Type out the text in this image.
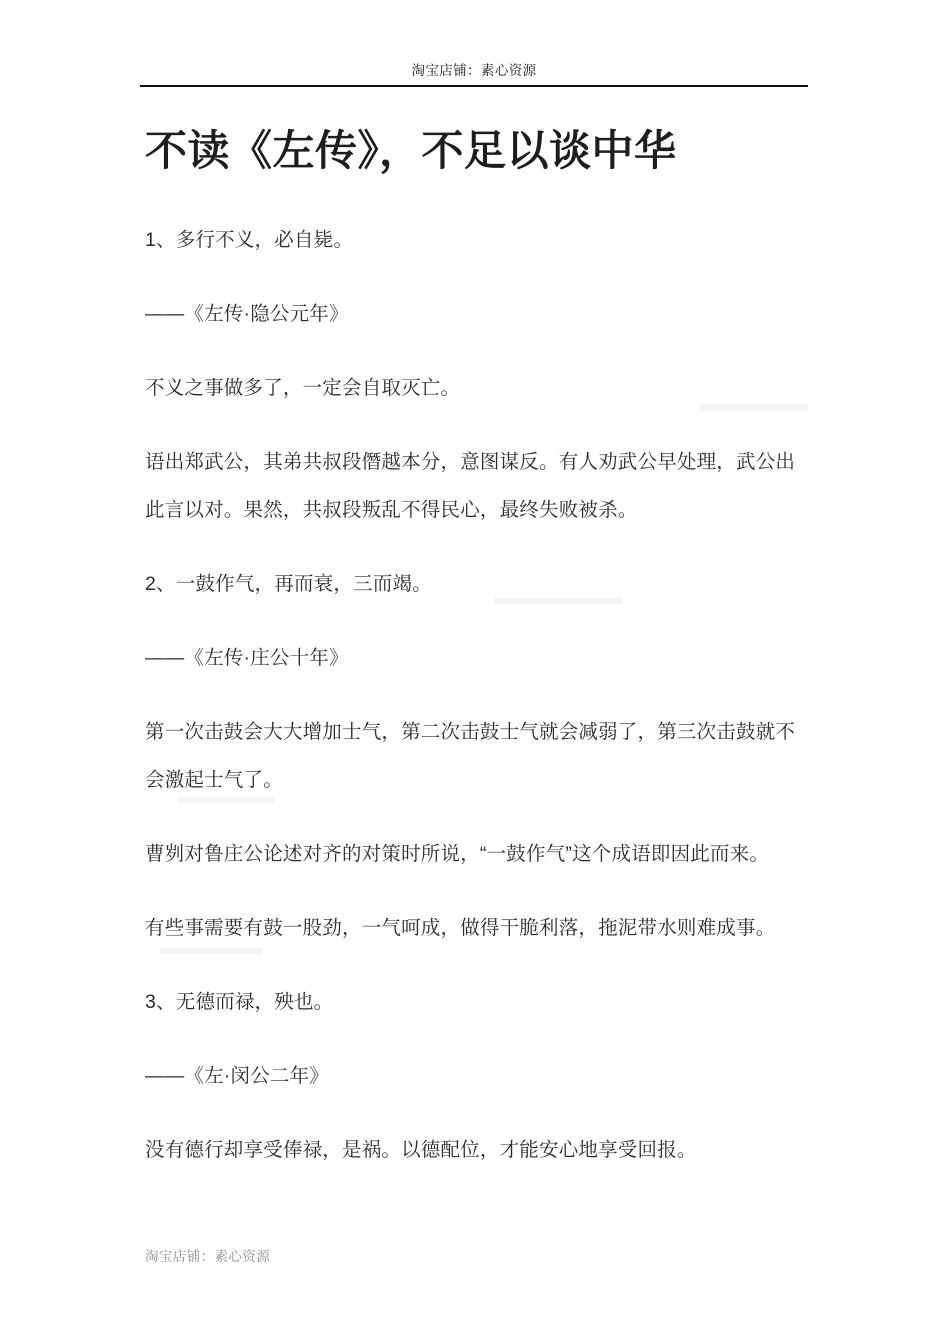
淘宝店铺：素心资源
不读《左传》，不足以谈中华

1、多行不义，必自毙。

——《左传·隐公元年》

不义之事做多了，一定会自取灭亡。

语出郑武公，其弟共叔段僭越本分，意图谋反。有人劝武公早处理，武公出此言以对。果然，共叔段叛乱不得民心，最终失败被杀。

2、一鼓作气，再而衰，三而竭。

——《左传·庄公十年》

第一次击鼓会大大增加士气，第二次击鼓士气就会减弱了，第三次击鼓就不会激起士气了。

曹刿对鲁庄公论述对齐的对策时所说，“一鼓作气”这个成语即因此而来。

有些事需要有鼓一股劲，一气呵成，做得干脆利落，拖泥带水则难成事。

3、无德而禄，殃也。

——《左·闵公二年》

没有德行却享受俸禄，是祸。以德配位，才能安心地享受回报。

淘宝店铺：素心资源
